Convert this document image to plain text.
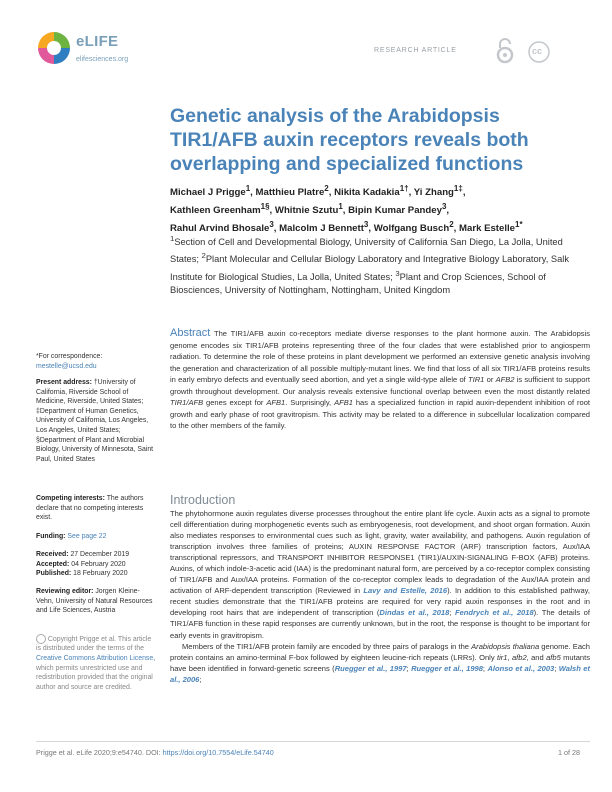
eLIFE
elifesciences.org
RESEARCH ARTICLE	cc
Genetic analysis of the Arabidopsis TIR1/AFB auxin receptors reveals both overlapping and specialized functions
Michael J Prigge$^1$, Matthieu Platre$^2$, Nikita Kadakia$^{1\dagger}$, Yi Zhang$^{1\ddagger}$,
Kathleen Greenham$^{1\S}$, Whitnie Szutu$^1$, Bipin Kumar Pandey$^3$,
Rahul Arvind Bhosale$^3$, Malcolm J Bennett$^3$, Wolfgang Busch$^2$, Mark Estelle$^{1*}$
$^1$Section of Cell and Developmental Biology, University of California San Diego, La Jolla, United States; $^2$Plant Molecular and Cellular Biology Laboratory and Integrative Biology Laboratory, Salk Institute for Biological Studies, La Jolla, United States; $^3$Plant and Crop Sciences, School of Biosciences, University of Nottingham, Nottingham, United Kingdom
Abstract The TIR1/AFB auxin co-receptors mediate diverse responses to the plant hormone auxin. The Arabidopsis genome encodes six TIR1/AFB proteins representing three of the four clades that were established prior to angiosperm radiation. To determine the role of these proteins in plant development we performed an extensive genetic analysis involving the generation and characterization of all possible multiply-mutant lines. We find that loss of all six TIR1/AFB proteins results in early embryo defects and eventually seed abortion, and yet a single wild-type allele of TIR1 or AFB2 is sufficient to support growth throughout development. Our analysis reveals extensive functional overlap between even the most distantly related TIR1/AFB genes except for AFB1. Surprisingly, AFB1 has a specialized function in rapid auxin-dependent inhibition of root growth and early phase of root gravitropism. This activity may be related to a difference in subcellular localization compared to the other members of the family.
*For correspondence:
mestelle@ucsd.edu
Present address: †University of California, Riverside School of Medicine, Riverside, United States; ‡Department of Human Genetics, University of California, Los Angeles, Los Angeles, United States; §Department of Plant and Microbial Biology, University of Minnesota, Saint Paul, United States
Competing interests: The authors declare that no competing interests exist.
Funding: See page 22
Received: 27 December 2019
Accepted: 04 February 2020
Published: 18 February 2020
Reviewing editor: Jorgen Kleine-Vehn, University of Natural Resources and Life Sciences, Austria
Copyright Prigge et al. This article is distributed under the terms of the Creative Commons Attribution License, which permits unrestricted use and redistribution provided that the original author and source are credited.
Introduction

The phytohormone auxin regulates diverse processes throughout the entire plant life cycle. Auxin acts as a signal to promote cell differentiation during morphogenetic events such as embryogenesis, root development, and shoot organ formation. Auxin also mediates responses to environmental cues such as light, gravity, water availability, and pathogens. Auxin regulation of transcription involves three families of proteins; AUXIN RESPONSE FACTOR (ARF) transcription factors, Aux/IAA transcriptional repressors, and TRANSPORT INHIBITOR RESPONSE1 (TIR1)/AUXIN-SIGNALING F-BOX (AFB) proteins. Auxins, of which indole-3-acetic acid (IAA) is the predominant natural form, are perceived by a co-receptor complex consisting of TIR1/AFB and Aux/IAA proteins. Formation of the co-receptor complex leads to degradation of the Aux/IAA protein and activation of ARF-dependent transcription (Reviewed in Lavy and Estelle, 2016). In addition to this established pathway, recent studies demonstrate that the TIR1/AFB proteins are required for very rapid auxin responses in the root and in developing root hairs that are independent of transcription (Dindas et al., 2018; Fendrych et al., 2018). The details of TIR1/AFB function in these rapid responses are currently unknown, but in the root, the response is thought to be important for early events in gravitropism.

Members of the TIR1/AFB protein family are encoded by three pairs of paralogs in the Arabidopsis thaliana genome. Each protein contains an amino-terminal F-box followed by eighteen leucine-rich repeats (LRRs). Only tir1, afb2, and afb5 mutants have been identified in forward-genetic screens (Ruegger et al., 1997; Ruegger et al., 1998; Alonso et al., 2003; Walsh et al., 2006;

Prigge et al. eLife 2020;9:e54740. DOI: https://doi.org/10.7554/eLife.54740	1 of 28
